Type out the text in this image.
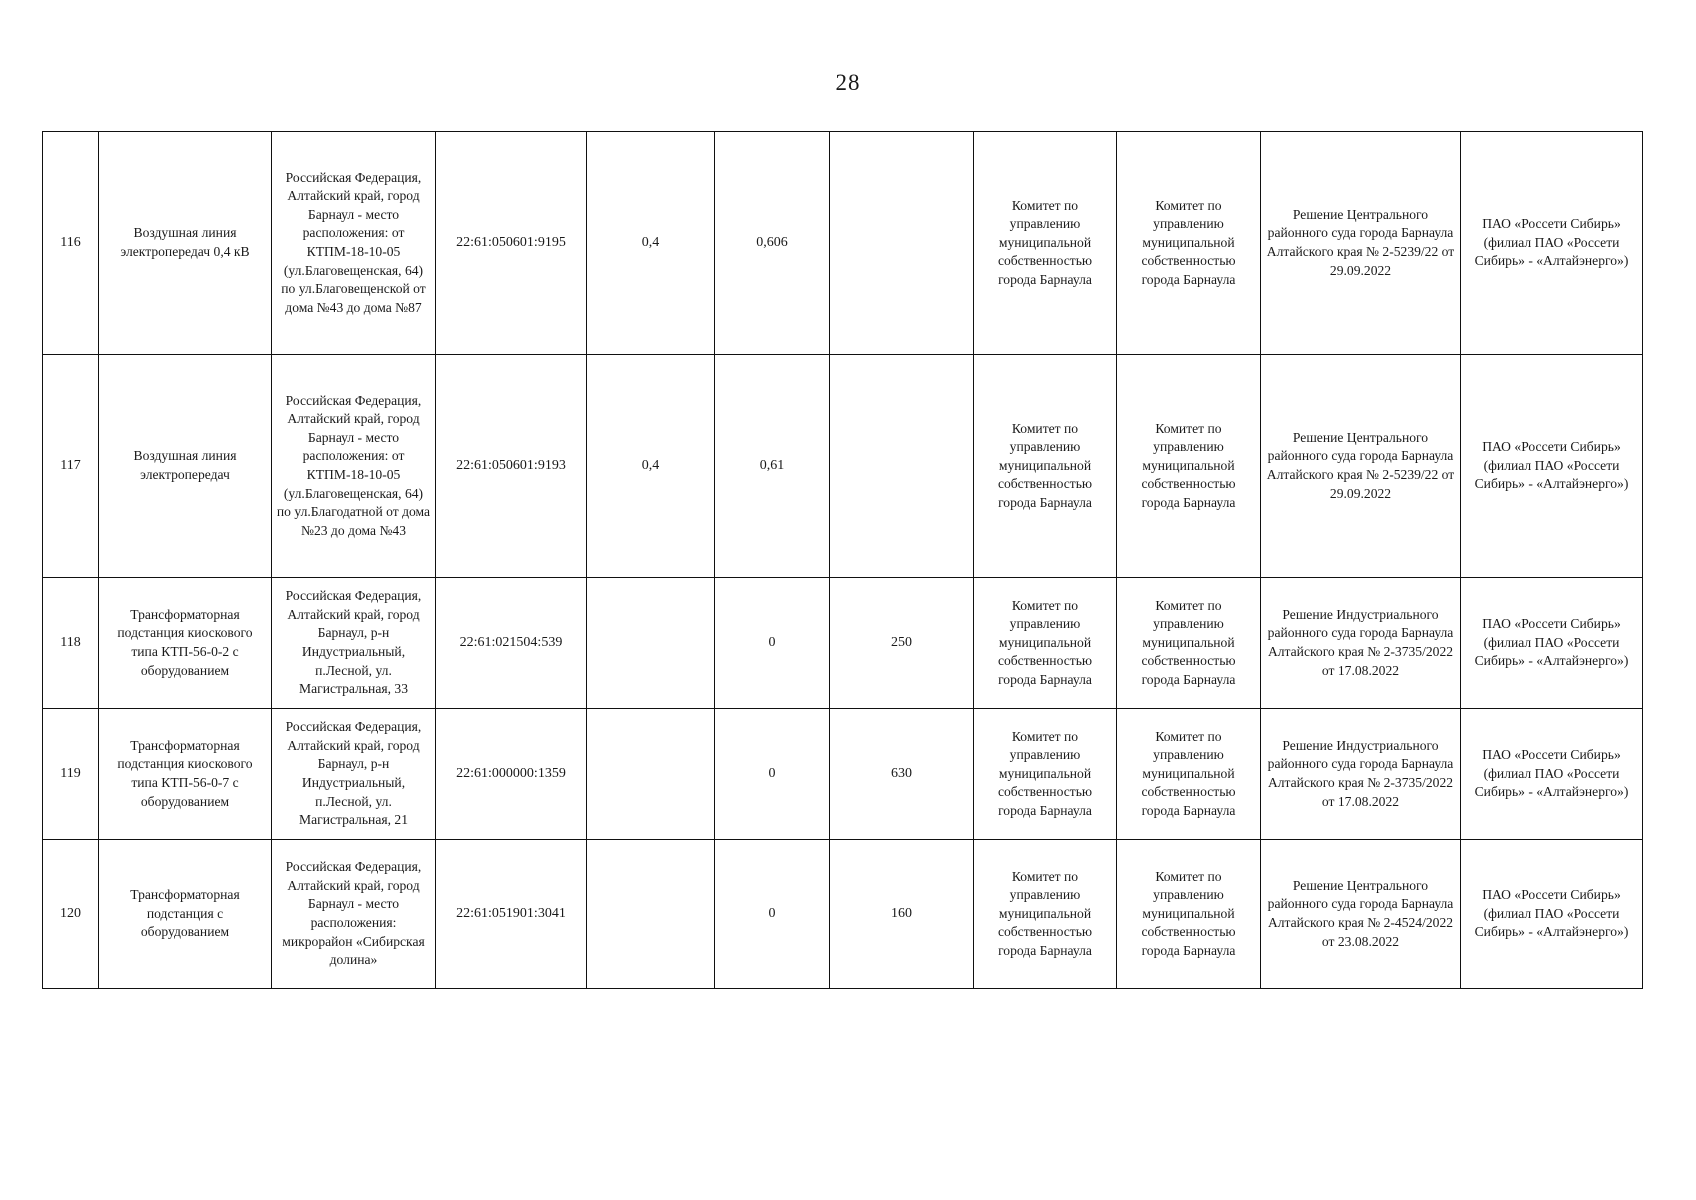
28
116	Воздушная линия электропередач 0,4 кВ	Российская Федерация, Алтайский край, город Барнаул - место расположения: от КТПМ-18-10-05 (ул.Благовещенская, 64) по ул.Благовещенской от дома №43 до дома №87	22:61:050601:9195	0,4	0,606		Комитет по управлению муниципальной собственностью города Барнаула	Комитет по управлению муниципальной собственностью города Барнаула	Решение Центрального районного суда города Барнаула Алтайского края № 2-5239/22 от 29.09.2022	ПАО «Россети Сибирь» (филиал ПАО «Россети Сибирь» - «Алтайэнерго»)
117	Воздушная линия электропередач	Российская Федерация, Алтайский край, город Барнаул - место расположения: от КТПМ-18-10-05 (ул.Благовещенская, 64) по ул.Благодатной от дома №23 до дома №43	22:61:050601:9193	0,4	0,61		Комитет по управлению муниципальной собственностью города Барнаула	Комитет по управлению муниципальной собственностью города Барнаула	Решение Центрального районного суда города Барнаула Алтайского края № 2-5239/22 от 29.09.2022	ПАО «Россети Сибирь» (филиал ПАО «Россети Сибирь» - «Алтайэнерго»)
118	Трансформаторная подстанция киоскового типа КТП-56-0-2 с оборудованием	Российская Федерация, Алтайский край, город Барнаул, р-н Индустриальный, п.Лесной, ул. Магистральная, 33	22:61:021504:539		0	250	Комитет по управлению муниципальной собственностью города Барнаула	Комитет по управлению муниципальной собственностью города Барнаула	Решение Индустриального районного суда города Барнаула Алтайского края № 2-3735/2022 от 17.08.2022	ПАО «Россети Сибирь» (филиал ПАО «Россети Сибирь» - «Алтайэнерго»)
119	Трансформаторная подстанция киоскового типа КТП-56-0-7 с оборудованием	Российская Федерация, Алтайский край, город Барнаул, р-н Индустриальный, п.Лесной, ул. Магистральная, 21	22:61:000000:1359		0	630	Комитет по управлению муниципальной собственностью города Барнаула	Комитет по управлению муниципальной собственностью города Барнаула	Решение Индустриального районного суда города Барнаула Алтайского края № 2-3735/2022 от 17.08.2022	ПАО «Россети Сибирь» (филиал ПАО «Россети Сибирь» - «Алтайэнерго»)
120	Трансформаторная подстанция с оборудованием	Российская Федерация, Алтайский край, город Барнаул - место расположения: микрорайон «Сибирская долина»	22:61:051901:3041		0	160	Комитет по управлению муниципальной собственностью города Барнаула	Комитет по управлению муниципальной собственностью города Барнаула	Решение Центрального районного суда города Барнаула Алтайского края № 2-4524/2022 от 23.08.2022	ПАО «Россети Сибирь» (филиал ПАО «Россети Сибирь» - «Алтайэнерго»)
